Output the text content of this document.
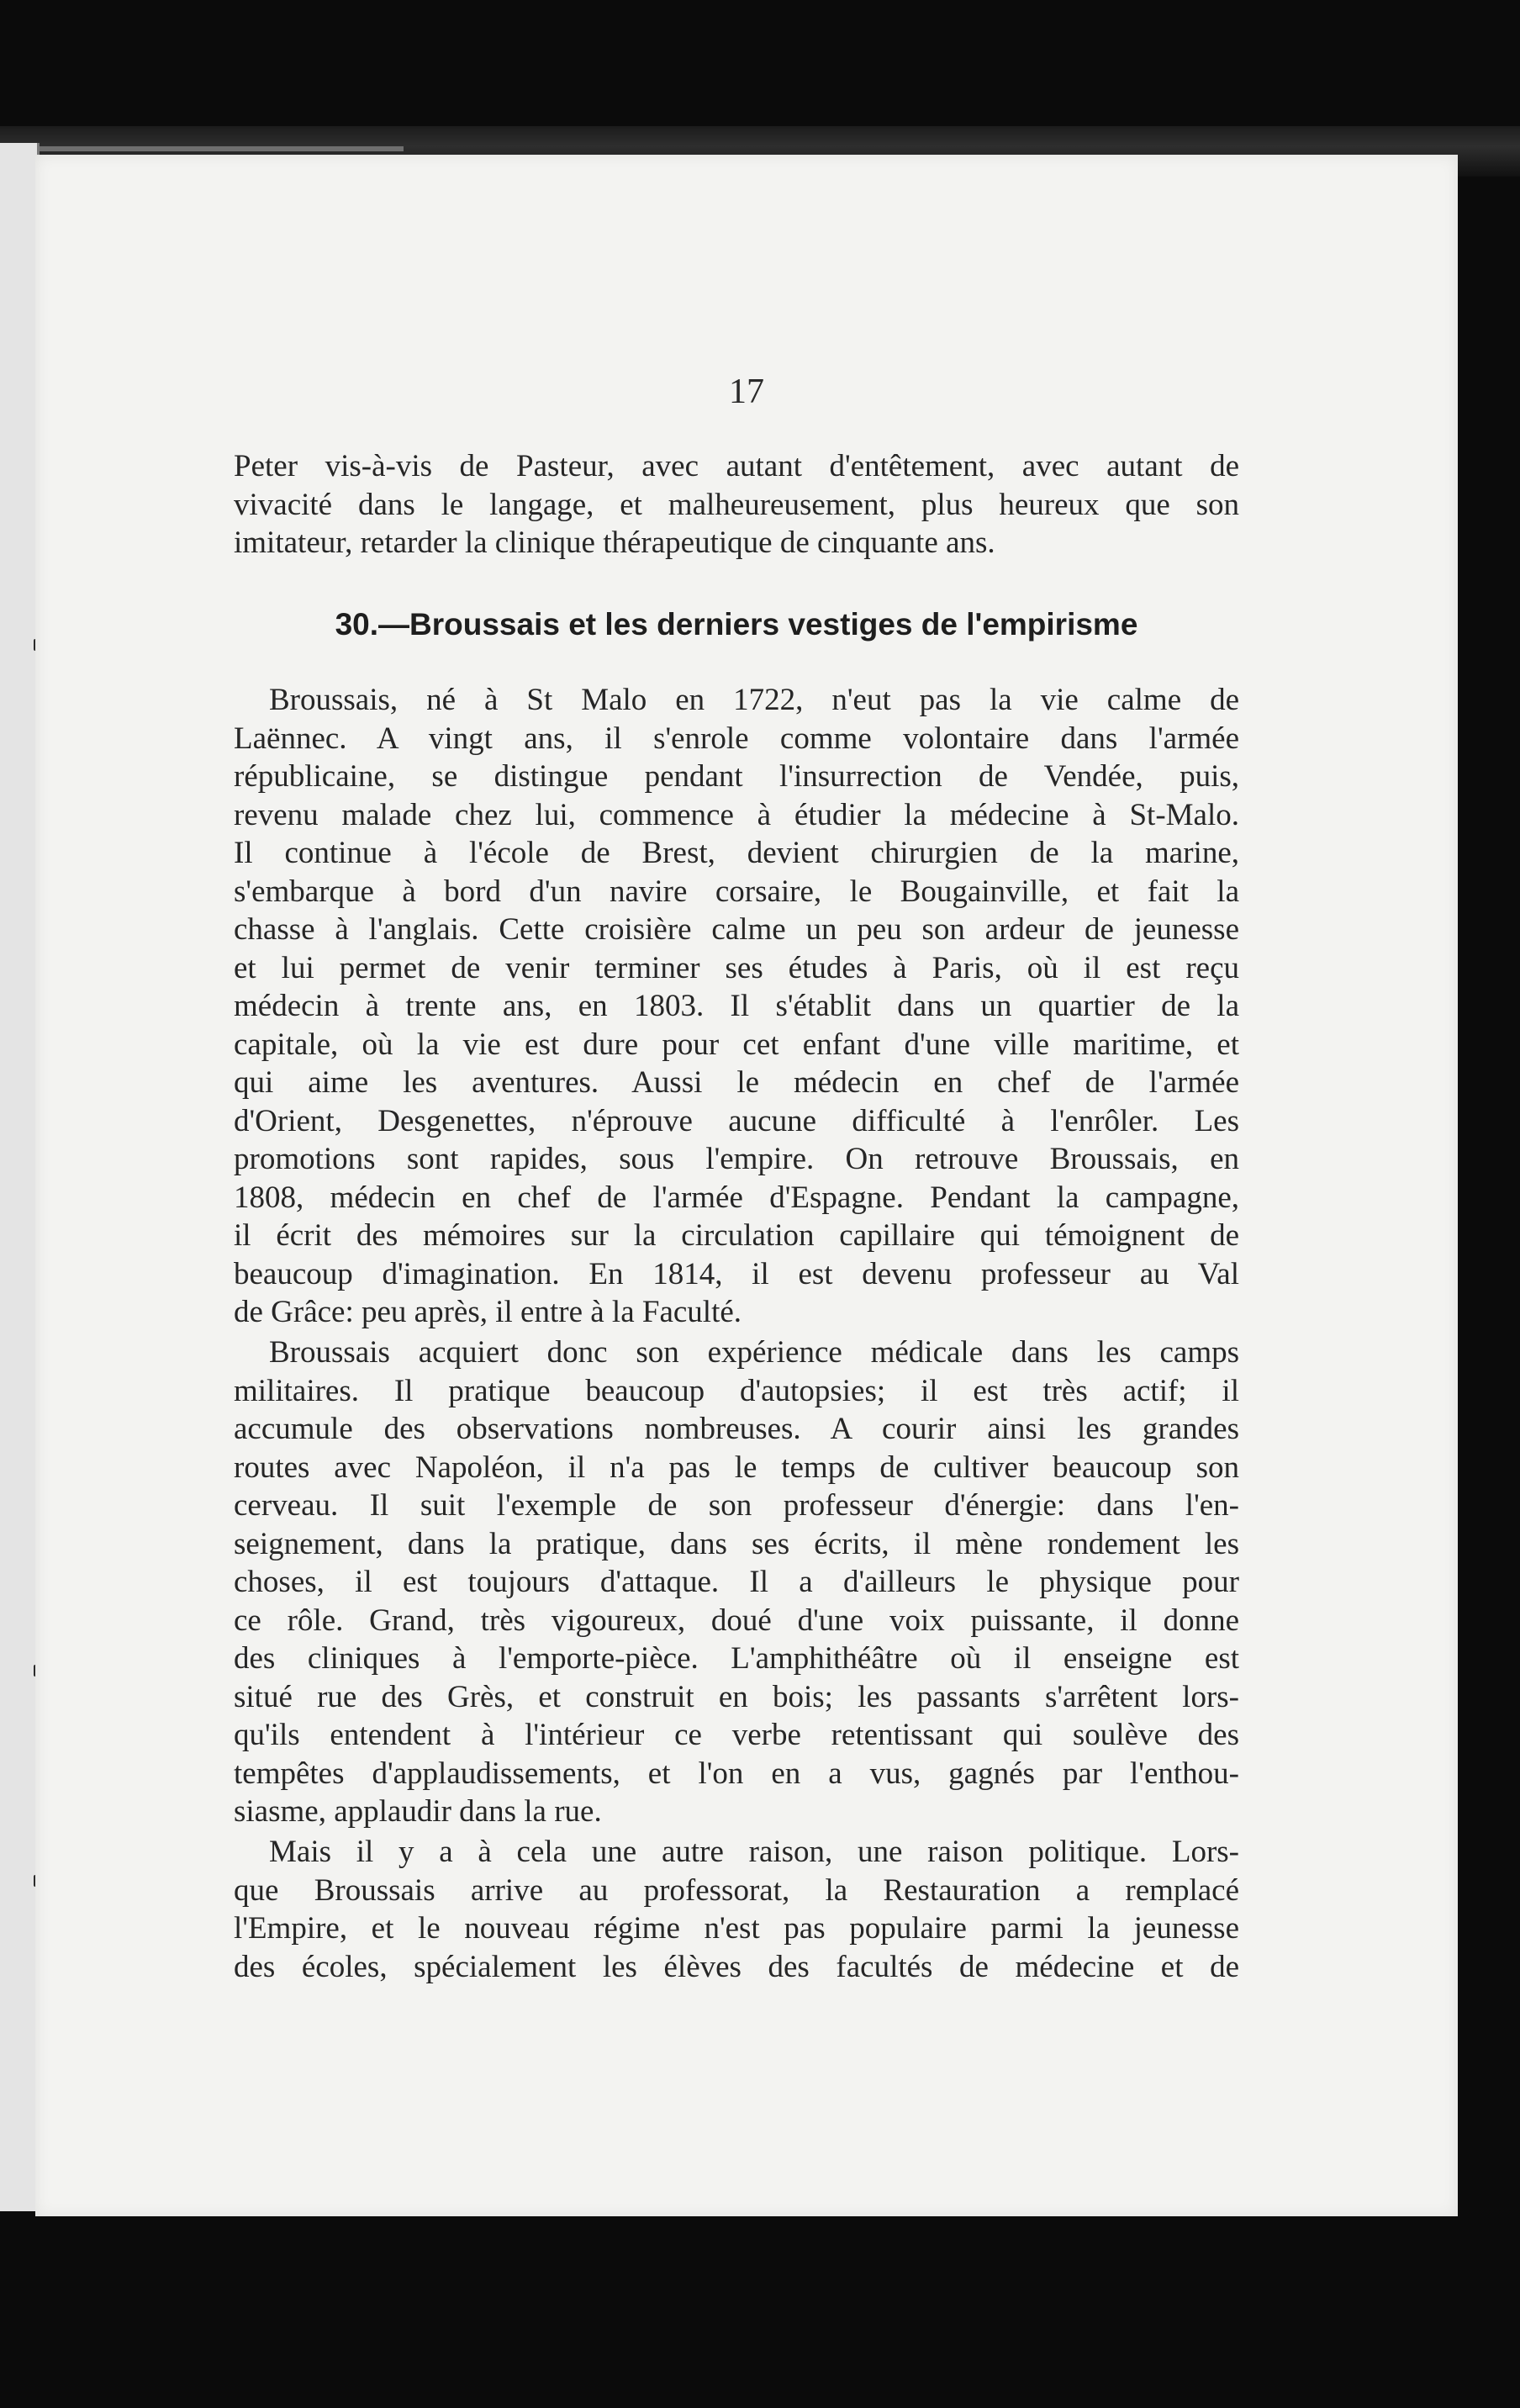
17

Peter vis-à-vis de Pasteur, avec autant d'entêtement, avec autant de
vivacité dans le langage, et malheureusement, plus heureux que son
imitateur, retarder la clinique thérapeutique de cinquante ans.

30.—Broussais et les derniers vestiges de l'empirisme

Broussais, né à St Malo en 1722, n'eut pas la vie calme de
Laënnec. A vingt ans, il s'enrole comme volontaire dans l'armée
républicaine, se distingue pendant l'insurrection de Vendée, puis,
revenu malade chez lui, commence à étudier la médecine à St-Malo.
Il continue à l'école de Brest, devient chirurgien de la marine,
s'embarque à bord d'un navire corsaire, le Bougainville, et fait la
chasse à l'anglais. Cette croisière calme un peu son ardeur de jeunesse
et lui permet de venir terminer ses études à Paris, où il est reçu
médecin à trente ans, en 1803. Il s'établit dans un quartier de la
capitale, où la vie est dure pour cet enfant d'une ville maritime, et
qui aime les aventures. Aussi le médecin en chef de l'armée
d'Orient, Desgenettes, n'éprouve aucune difficulté à l'enrôler. Les
promotions sont rapides, sous l'empire. On retrouve Broussais, en
1808, médecin en chef de l'armée d'Espagne. Pendant la campagne,
il écrit des mémoires sur la circulation capillaire qui témoignent de
beaucoup d'imagination. En 1814, il est devenu professeur au Val
de Grâce: peu après, il entre à la Faculté.

Broussais acquiert donc son expérience médicale dans les camps
militaires. Il pratique beaucoup d'autopsies; il est très actif; il
accumule des observations nombreuses. A courir ainsi les grandes
routes avec Napoléon, il n'a pas le temps de cultiver beaucoup son
cerveau. Il suit l'exemple de son professeur d'énergie: dans l'en-
seignement, dans la pratique, dans ses écrits, il mène rondement les
choses, il est toujours d'attaque. Il a d'ailleurs le physique pour
ce rôle. Grand, très vigoureux, doué d'une voix puissante, il donne
des cliniques à l'emporte-pièce. L'amphithéâtre où il enseigne est
situé rue des Grès, et construit en bois; les passants s'arrêtent lors-
qu'ils entendent à l'intérieur ce verbe retentissant qui soulève des
tempêtes d'applaudissements, et l'on en a vus, gagnés par l'enthou-
siasme, applaudir dans la rue.

Mais il y a à cela une autre raison, une raison politique. Lors-
que Broussais arrive au professorat, la Restauration a remplacé
l'Empire, et le nouveau régime n'est pas populaire parmi la jeunesse
des écoles, spécialement les élèves des facultés de médecine et de
